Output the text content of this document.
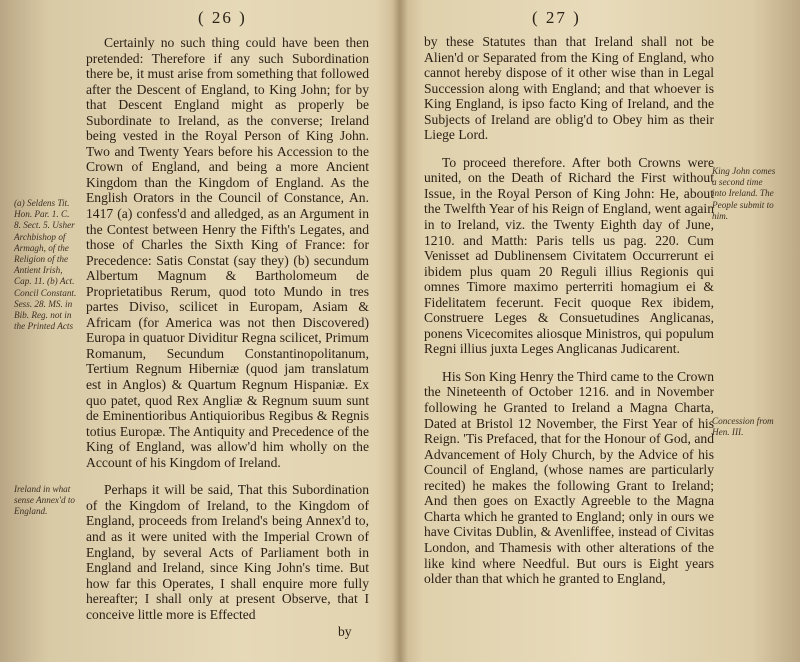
( 26 )

Certainly no such thing could have been then pretended: Therefore if any such Subordination there be, it must arise from something that followed after the Descent of England, to King John; for by that Descent England might as properly be Subordinate to Ireland, as the converse; Ireland being vested in the Royal Person of King John. Two and Twenty Years before his Accession to the Crown of England, and being a more Ancient Kingdom than the Kingdom of England. As the English Orators in the Council of Constance, An. 1417 (a) confess'd and alledged, as an Argument in the Contest between Henry the Fifth's Legates, and those of Charles the Sixth King of France: for Precedence: Satis Constat (say they) (b) secundum Albertum Magnum & Bartholomeum de Proprietatibus Rerum, quod toto Mundo in tres partes Diviso, scilicet in Europam, Asiam & Africam (for America was not then Discovered) Europa in quatuor Dividitur Regna scilicet, Primum Romanum, Secundum Constantinopolitanum, Tertium Regnum Hiberniæ (quod jam translatum est in Anglos) & Quartum Regnum Hispaniæ. Ex quo patet, quod Rex Angliæ & Regnum suum sunt de Eminentioribus Antiquioribus Regibus & Regnis totius Europæ. The Antiquity and Precedence of the King of England, was allow'd him wholly on the Account of his Kingdom of Ireland.

Perhaps it will be said, That this Subordination of the Kingdom of Ireland, to the Kingdom of England, proceeds from Ireland's being Annex'd to, and as it were united with the Imperial Crown of England, by several Acts of Parliament both in England and Ireland, since King John's time. But how far this Operates, I shall enquire more fully hereafter; I shall only at present Observe, that I conceive little more is Effected

by
(a) Seldens Tit. Hon. Par. 1. C. 8. Sect. 5. Usher Archbishop of Armagh, of the Religion of the Antient Irish, Cap. 11. (b) Act. Concil Constant. Sess. 28. MS. in Bib. Reg. not in the Printed Acts
Ireland in what sense Annex'd to England.
( 27 )

by these Statutes than that Ireland shall not be Alien'd or Separated from the King of England, who cannot hereby dispose of it other wise than in Legal Succession along with England; and that whoever is King England, is ipso facto King of Ireland, and the Subjects of Ireland are oblig'd to Obey him as their Liege Lord.

To proceed therefore. After both Crowns were united, on the Death of Richard the First without Issue, in the Royal Person of King John: He, about the Twelfth Year of his Reign of England, went again in to Ireland, viz. the Twenty Eighth day of June, 1210. and Matth: Paris tells us pag. 220. Cum Venisset ad Dublinensem Civitatem Occurrerunt ei ibidem plus quam 20 Reguli illius Regionis qui omnes Timore maximo perterriti homagium ei & Fidelitatem fecerunt. Fecit quoque Rex ibidem, Construere Leges & Consuetudines Anglicanas, ponens Vicecomites aliosque Ministros, qui populum Regni illius juxta Leges Anglicanas Judicarent.

His Son King Henry the Third came to the Crown the Nineteenth of October 1216. and in November following he Granted to Ireland a Magna Charta, Dated at Bristol 12 November, the First Year of his Reign. 'Tis Prefaced, that for the Honour of God, and Advancement of Holy Church, by the Advice of his Council of England, (whose names are particularly recited) he makes the following Grant to Ireland; And then goes on Exactly Agreeble to the Magna Charta which he granted to England; only in ours we have Civitas Dublin, & Avenliffee, instead of Civitas London, and Thamesis with other alterations of the like kind where Needful. But ours is Eight years older than that which he granted to England,

King John comes a second time into Ireland. The People submit to him.
Concession from Hen. III.
